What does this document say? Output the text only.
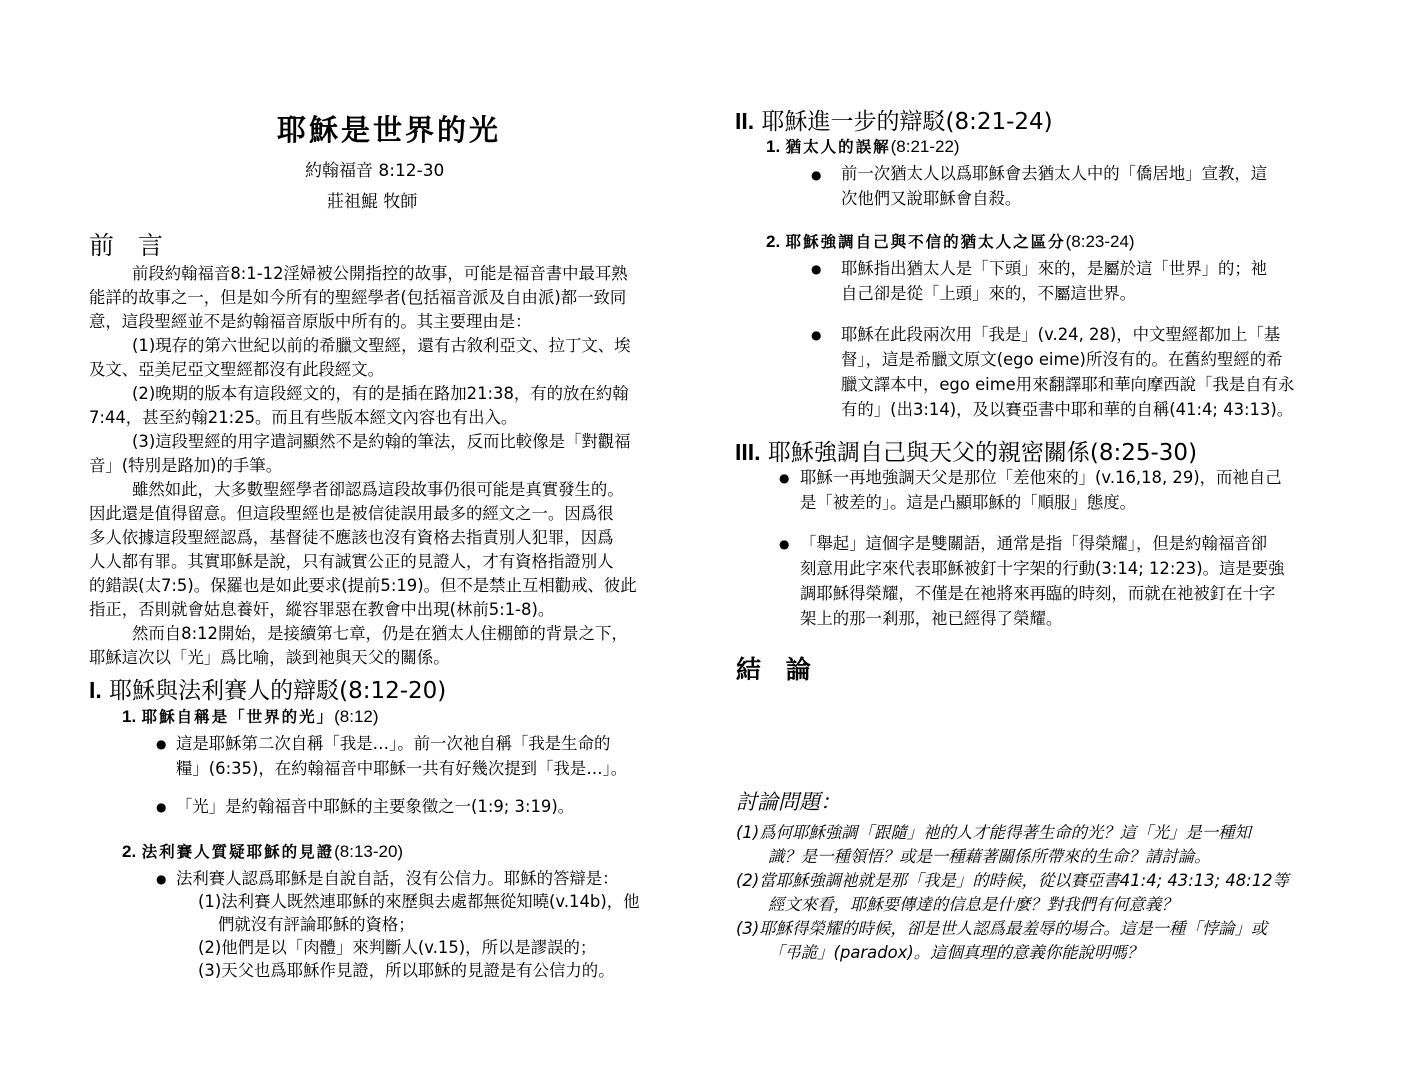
耶穌是世界的光
約翰福音 8:12-30
莊祖鯤 牧師
前 言
前段約翰福音8:1-12淫婦被公開指控的故事，可能是福音書中最耳熟
能詳的故事之一，但是如今所有的聖經學者(包括福音派及自由派)都一致同
意，這段聖經並不是約翰福音原版中所有的。其主要理由是：
(1)現存的第六世紀以前的希臘文聖經，還有古敘利亞文、拉丁文、埃
及文、亞美尼亞文聖經都沒有此段經文。
(2)晚期的版本有這段經文的，有的是插在路加21:38，有的放在約翰
7:44，甚至約翰21:25。而且有些版本經文內容也有出入。
(3)這段聖經的用字遣詞顯然不是約翰的筆法，反而比較像是「對觀福
音」(特別是路加)的手筆。
雖然如此，大多數聖經學者卻認爲這段故事仍很可能是真實發生的。
因此還是值得留意。但這段聖經也是被信徒誤用最多的經文之一。因爲很
多人依據這段聖經認爲，基督徒不應該也沒有資格去指責別人犯罪，因爲
人人都有罪。其實耶穌是說，只有誠實公正的見證人，才有資格指證別人
的錯誤(太7:5)。保羅也是如此要求(提前5:19)。但不是禁止互相勸戒、彼此
指正，否則就會姑息養奸，縱容罪惡在教會中出現(林前5:1-8)。
然而自8:12開始，是接續第七章，仍是在猶太人住棚節的背景之下，
耶穌這次以「光」爲比喻，談到祂與天父的關係。
I. 耶穌與法利賽人的辯駁(8:12-20)
1. 耶穌自稱是「世界的光」(8:12)
● 這是耶穌第二次自稱「我是…」。前一次祂自稱「我是生命的
糧」(6:35)，在約翰福音中耶穌一共有好幾次提到「我是…」。
● 「光」是約翰福音中耶穌的主要象徵之一(1:9; 3:19)。
2. 法利賽人質疑耶穌的見證(8:13-20)
● 法利賽人認爲耶穌是自說自話，沒有公信力。耶穌的答辯是：
(1)法利賽人既然連耶穌的來歷與去處都無從知曉(v.14b)，他
們就沒有評論耶穌的資格；
(2)他們是以「肉體」來判斷人(v.15)，所以是謬誤的；
(3)天父也爲耶穌作見證，所以耶穌的見證是有公信力的。
II. 耶穌進一步的辯駁(8:21-24)
1. 猶太人的誤解(8:21-22)
● 前一次猶太人以爲耶穌會去猶太人中的「僑居地」宣教，這
次他們又說耶穌會自殺。
2. 耶穌強調自己與不信的猶太人之區分(8:23-24)
● 耶穌指出猶太人是「下頭」來的，是屬於這「世界」的；祂
自己卻是從「上頭」來的，不屬這世界。
● 耶穌在此段兩次用「我是」(v.24, 28)，中文聖經都加上「基
督」，這是希臘文原文(ego eime)所沒有的。在舊約聖經的希
臘文譯本中，ego eime用來翻譯耶和華向摩西說「我是自有永
有的」(出3:14)，及以賽亞書中耶和華的自稱(41:4; 43:13)。
III. 耶穌強調自己與天父的親密關係(8:25-30)
● 耶穌一再地強調天父是那位「差他來的」(v.16,18, 29)，而祂自己
是「被差的」。這是凸顯耶穌的「順服」態度。
● 「舉起」這個字是雙關語，通常是指「得榮耀」，但是約翰福音卻
刻意用此字來代表耶穌被釘十字架的行動(3:14; 12:23)。這是要強
調耶穌得榮耀，不僅是在祂將來再臨的時刻，而就在祂被釘在十字
架上的那一剎那，祂已經得了榮耀。
結 論
討論問題：
(1)爲何耶穌強調「跟隨」祂的人才能得著生命的光？這「光」是一種知
識？是一種領悟？或是一種藉著關係所帶來的生命？請討論。
(2)當耶穌強調祂就是那「我是」的時候，從以賽亞書41:4; 43:13; 48:12等
經文來看，耶穌要傳達的信息是什麼？對我們有何意義？
(3)耶穌得榮耀的時候，卻是世人認爲最羞辱的場合。這是一種「悖論」或
「弔詭」(paradox)。這個真理的意義你能說明嗎？
